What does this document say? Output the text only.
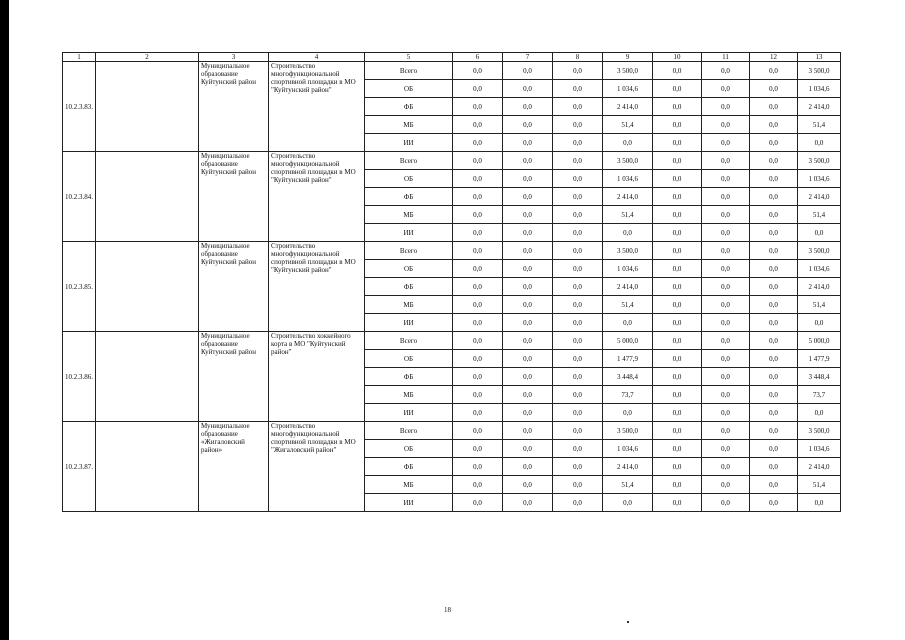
1	2	3	4	5	6	7	8	9	10	11	12	13
10.2.3.83.		Муниципальное образование Куйтунский район	Строительство многофункциональной спортивной площадки в МО "Куйтунский район"	Всего	0,0	0,0	0,0	3 500,0	0,0	0,0	0,0	3 500,0
				ОБ	0,0	0,0	0,0	1 034,6	0,0	0,0	0,0	1 034,6
				ФБ	0,0	0,0	0,0	2 414,0	0,0	0,0	0,0	2 414,0
				МБ	0,0	0,0	0,0	51,4	0,0	0,0	0,0	51,4
				ИИ	0,0	0,0	0,0	0,0	0,0	0,0	0,0	0,0
10.2.3.84.		Муниципальное образование Куйтунский район	Строительство многофункциональной спортивной площадки в МО "Куйтунский район"	Всего	0,0	0,0	0,0	3 500,0	0,0	0,0	0,0	3 500,0
				ОБ	0,0	0,0	0,0	1 034,6	0,0	0,0	0,0	1 034,6
				ФБ	0,0	0,0	0,0	2 414,0	0,0	0,0	0,0	2 414,0
				МБ	0,0	0,0	0,0	51,4	0,0	0,0	0,0	51,4
				ИИ	0,0	0,0	0,0	0,0	0,0	0,0	0,0	0,0
10.2.3.85.		Муниципальное образование Куйтунский район	Строительство многофункциональной спортивной площадки в МО "Куйтунский район"	Всего	0,0	0,0	0,0	3 500,0	0,0	0,0	0,0	3 500,0
				ОБ	0,0	0,0	0,0	1 034,6	0,0	0,0	0,0	1 034,6
				ФБ	0,0	0,0	0,0	2 414,0	0,0	0,0	0,0	2 414,0
				МБ	0,0	0,0	0,0	51,4	0,0	0,0	0,0	51,4
				ИИ	0,0	0,0	0,0	0,0	0,0	0,0	0,0	0,0
10.2.3.86.		Муниципальное образование Куйтунский район	Строительство хоккейного корта в МО "Куйтунский район"	Всего	0,0	0,0	0,0	5 000,0	0,0	0,0	0,0	5 000,0
				ОБ	0,0	0,0	0,0	1 477,9	0,0	0,0	0,0	1 477,9
				ФБ	0,0	0,0	0,0	3 448,4	0,0	0,0	0,0	3 448,4
				МБ	0,0	0,0	0,0	73,7	0,0	0,0	0,0	73,7
				ИИ	0,0	0,0	0,0	0,0	0,0	0,0	0,0	0,0
10.2.3.87.		Муниципальное образование «Жигаловский район»	Строительство многофункциональной спортивной площадки в МО "Жигаловский район"	Всего	0,0	0,0	0,0	3 500,0	0,0	0,0	0,0	3 500,0
				ОБ	0,0	0,0	0,0	1 034,6	0,0	0,0	0,0	1 034,6
				ФБ	0,0	0,0	0,0	2 414,0	0,0	0,0	0,0	2 414,0
				МБ	0,0	0,0	0,0	51,4	0,0	0,0	0,0	51,4
				ИИ	0,0	0,0	0,0	0,0	0,0	0,0	0,0	0,0
18
